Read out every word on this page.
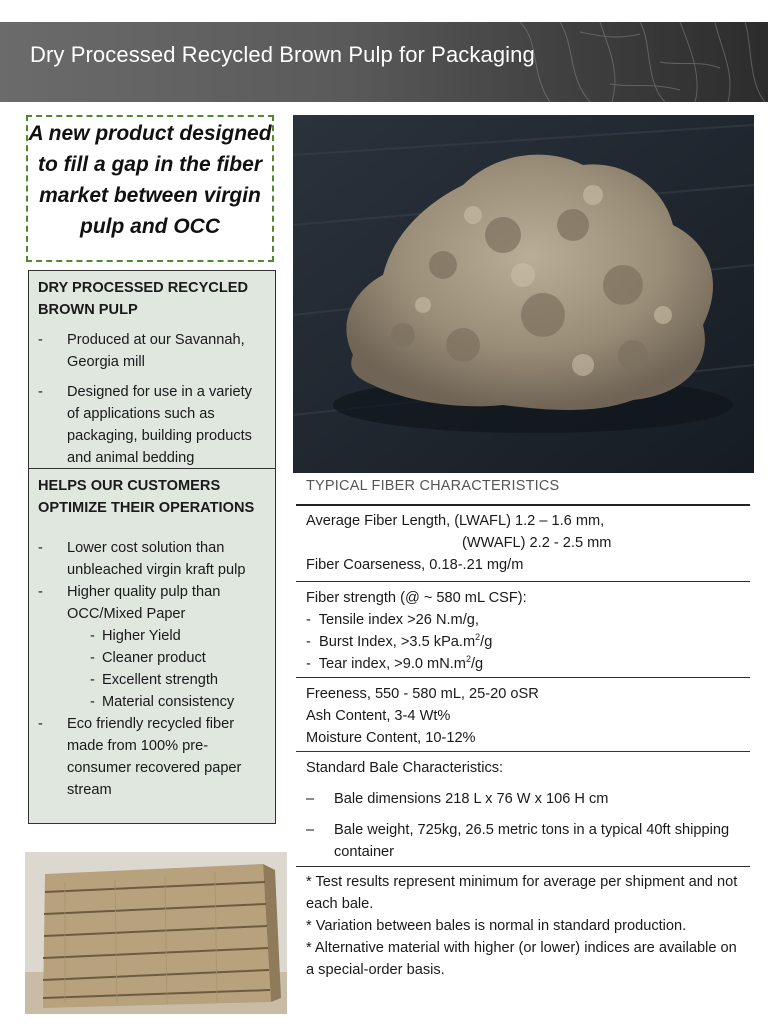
Dry Processed Recycled Brown Pulp for Packaging
A new product designed to fill a gap in the fiber market between virgin pulp and OCC
DRY PROCESSED RECYCLED BROWN PULP
-	Produced at our Savannah, Georgia mill
-	Designed for use in a variety of applications such as packaging, building products and animal bedding
HELPS OUR CUSTOMERS OPTIMIZE THEIR OPERATIONS
-	Lower cost solution than unbleached virgin kraft pulp
-	Higher quality pulp than OCC/Mixed Paper
- Higher Yield
- Cleaner product
- Excellent strength
- Material consistency
-	Eco friendly recycled fiber made from 100% pre-consumer recovered paper stream
TYPICAL FIBER CHARACTERISTICS
Average Fiber Length, (LWAFL) 1.2 – 1.6 mm,
(WWAFL) 2.2 - 2.5 mm
Fiber Coarseness, 0.18-.21 mg/m
Fiber strength (@ ~ 580 mL CSF):
- Tensile index >26 N.m/g,
- Burst Index, >3.5 $kPa.m^2/g$
- Tear index, >9.0 $mN.m^2/g$
Freeness, 550 - 580 mL, 25-20 oSR
Ash Content, 3-4 Wt%
Moisture Content, 10-12%
Standard Bale Characteristics:
–	Bale dimensions 218 L x 76 W x 106 H cm
–	Bale weight, 725kg, 26.5 metric tons in a typical 40ft shipping container
* Test results represent minimum for average per shipment and not each bale.
* Variation between bales is normal in standard production.
* Alternative material with higher (or lower) indices are available on a special-order basis.
